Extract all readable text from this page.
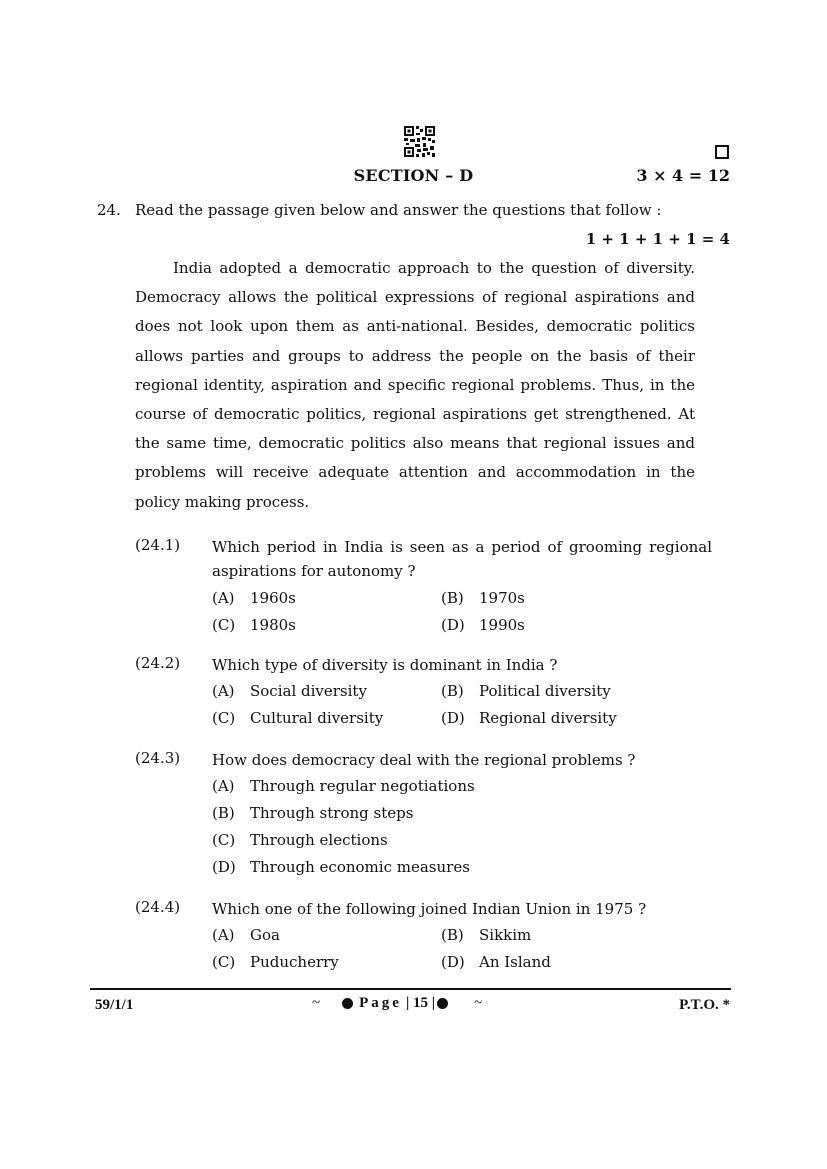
SECTION – D	3 × 4 = 12
24. Read the passage given below and answer the questions that follow :
1 + 1 + 1 + 1 = 4

India adopted a democratic approach to the question of diversity. Democracy allows the political expressions of regional aspirations and does not look upon them as anti-national. Besides, democratic politics allows parties and groups to address the people on the basis of their regional identity, aspiration and specific regional problems. Thus, in the course of democratic politics, regional aspirations get strengthened. At the same time, democratic politics also means that regional issues and problems will receive adequate attention and accommodation in the policy making process.

(24.1) Which period in India is seen as a period of grooming regional aspirations for autonomy ?
(A) 1960s	(B) 1970s
(C) 1980s	(D) 1990s
(24.2) Which type of diversity is dominant in India ?
(A) Social diversity	(B) Political diversity
(C) Cultural diversity	(D) Regional diversity
(24.3) How does democracy deal with the regional problems ?
(A) Through regular negotiations
(B) Through strong steps
(C) Through elections
(D) Through economic measures
(24.4) Which one of the following joined Indian Union in 1975 ?
(A) Goa	(B) Sikkim
(C) Puducherry	(D) An Island
59/1/1	~	Page | 15 |	~	P.T.O. *
